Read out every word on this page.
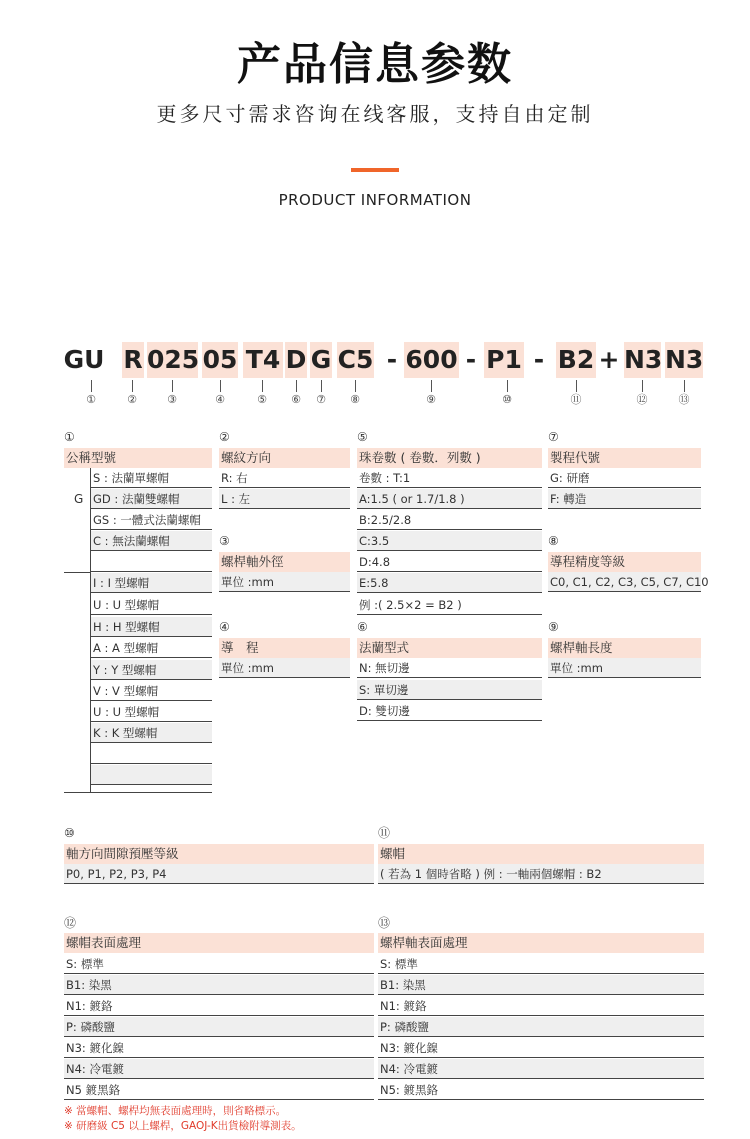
产品信息参数
更多尺寸需求咨询在线客服，支持自由定制
PRODUCT INFORMATION
GU R 025 05 T4 D G C5 - 600 - P1 - B2 + N3 N3
①	②	③	④	⑤ ⑥ ⑦ ⑧	⑨	⑩	⑪	⑫	⑬
①
公稱型號
G
S : 法蘭單螺帽
GD : 法蘭雙螺帽
GS : 一體式法蘭螺帽
C : 無法蘭螺帽
I : I 型螺帽
U : U 型螺帽
H : H 型螺帽
A : A 型螺帽
Y : Y 型螺帽
V : V 型螺帽
U : U 型螺帽
K : K 型螺帽
②
螺紋方向
R: 右
L : 左
③
螺桿軸外徑
單位 :mm
④
導　程
單位 :mm
⑤
珠卷數 ( 卷數．列數 )
卷數 : T:1
A:1.5 ( or 1.7/1.8 )
B:2.5/2.8
C:3.5
D:4.8
E:5.8
例 :( 2.5×2 = B2 )
⑥
法蘭型式
N: 無切邊
S: 單切邊
D: 雙切邊
⑦
製程代號
G: 研磨
F: 轉造
⑧
導程精度等級
C0, C1, C2, C3, C5, C7, C10
⑨
螺桿軸長度
單位 :mm
⑩
軸方向間隙預壓等級
P0, P1, P2, P3, P4
⑪
螺帽
( 若為 1 個時省略 ) 例 : 一軸兩個螺帽 : B2
⑫
螺帽表面處理
S: 標準
B1: 染黑
N1: 鍍鉻
P: 磷酸鹽
N3: 鍍化鎳
N4: 冷電鍍
N5 鍍黑鉻
⑬
螺桿軸表面處理
S: 標準
B1: 染黑
N1: 鍍鉻
P: 磷酸鹽
N3: 鍍化鎳
N4: 冷電鍍
N5: 鍍黑鉻
※ 當螺帽、螺桿均無表面處理時，則省略標示。
※ 研磨級 C5 以上螺桿，GAOJ-K出貨檢附導測表。
